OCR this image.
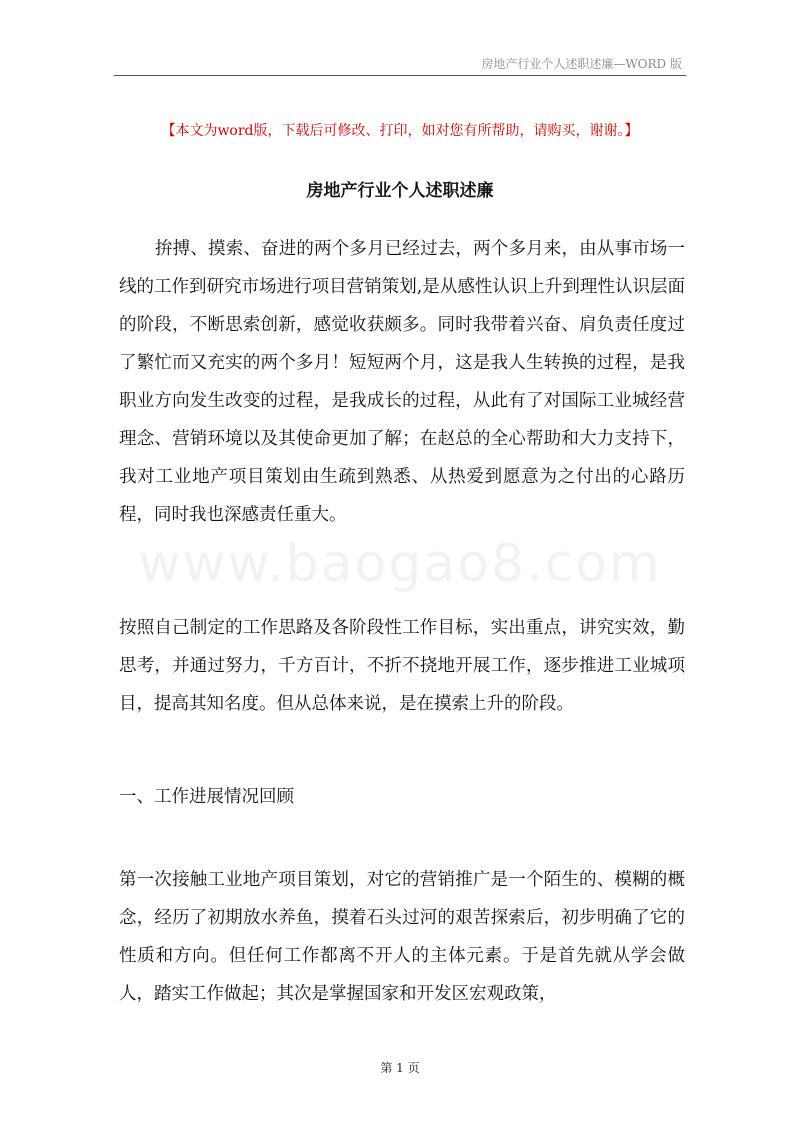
房地产行业个人述职述廉—WORD 版
【本文为word版，下载后可修改、打印，如对您有所帮助，请购买，谢谢。】
房地产行业个人述职述廉

拚搏、摸索、奋进的两个多月已经过去，两个多月来，由从事市场一线的工作到研究市场进行项目营销策划,是从感性认识上升到理性认识层面的阶段，不断思索创新，感觉收获颇多。同时我带着兴奋、肩负责任度过了繁忙而又充实的两个多月！短短两个月，这是我人生转换的过程，是我职业方向发生改变的过程，是我成长的过程，从此有了对国际工业城经营理念、营销环境以及其使命更加了解；在赵总的全心帮助和大力支持下，我对工业地产项目策划由生疏到熟悉、从热爱到愿意为之付出的心路历程，同时我也深感责任重大。

www.baogao8.com

按照自己制定的工作思路及各阶段性工作目标，实出重点，讲究实效，勤思考，并通过努力，千方百计，不折不挠地开展工作，逐步推进工业城项目，提高其知名度。但从总体来说，是在摸索上升的阶段。

一、工作进展情况回顾

第一次接触工业地产项目策划，对它的营销推广是一个陌生的、模糊的概念，经历了初期放水养鱼，摸着石头过河的艰苦探索后，初步明确了它的性质和方向。但任何工作都离不开人的主体元素。于是首先就从学会做人，踏实工作做起；其次是掌握国家和开发区宏观政策，

第 1 页
